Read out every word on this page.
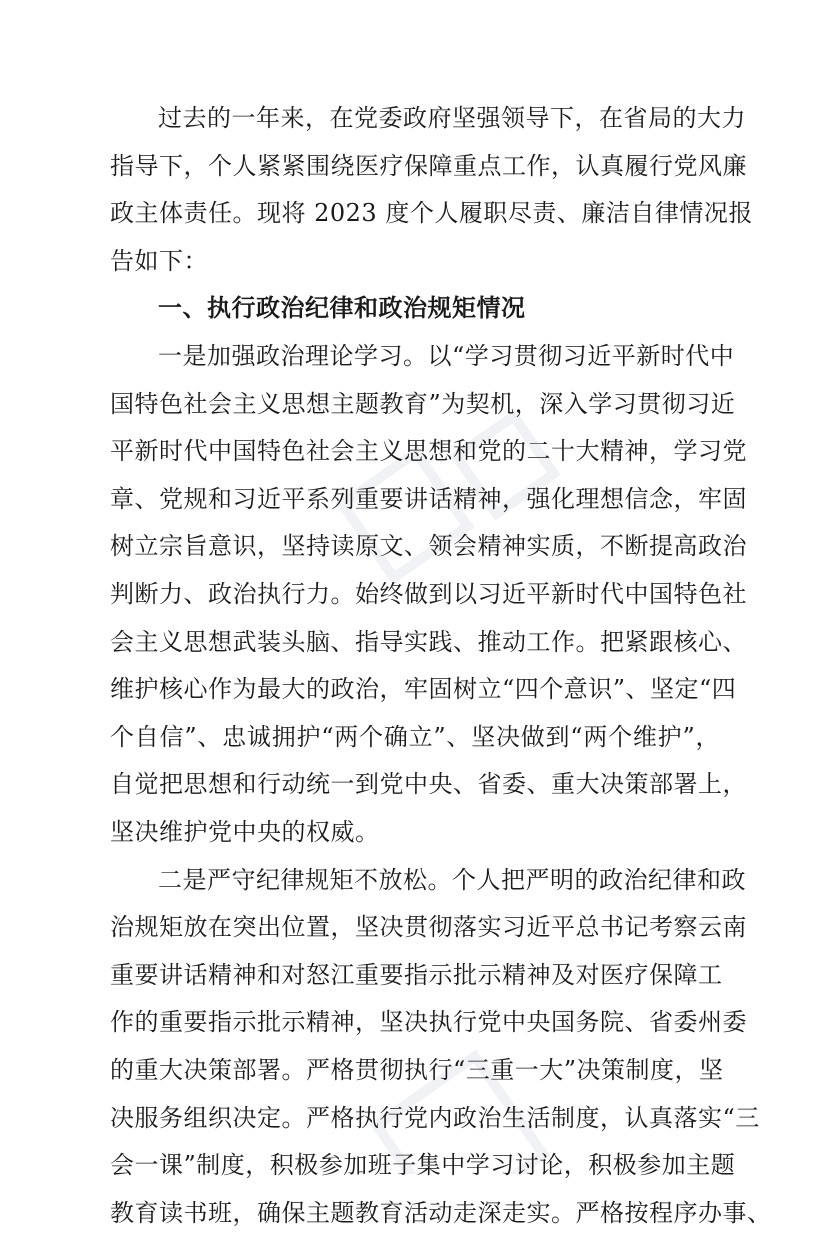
过去的一年来，在党委政府坚强领导下，在省局的大力
指导下，个人紧紧围绕医疗保障重点工作，认真履行党风廉
政主体责任。现将 2023 度个人履职尽责、廉洁自律情况报
告如下：
一、执行政治纪律和政治规矩情况
一是加强政治理论学习。以“学习贯彻习近平新时代中
国特色社会主义思想主题教育”为契机，深入学习贯彻习近
平新时代中国特色社会主义思想和党的二十大精神，学习党
章、党规和习近平系列重要讲话精神，强化理想信念，牢固
树立宗旨意识，坚持读原文、领会精神实质，不断提高政治
判断力、政治执行力。始终做到以习近平新时代中国特色社
会主义思想武装头脑、指导实践、推动工作。把紧跟核心、
维护核心作为最大的政治，牢固树立“四个意识”、坚定“四
个自信”、忠诚拥护“两个确立”、坚决做到“两个维护”，
自觉把思想和行动统一到党中央、省委、重大决策部署上，
坚决维护党中央的权威。
二是严守纪律规矩不放松。个人把严明的政治纪律和政
治规矩放在突出位置，坚决贯彻落实习近平总书记考察云南
重要讲话精神和对怒江重要指示批示精神及对医疗保障工
作的重要指示批示精神，坚决执行党中央国务院、省委州委
的重大决策部署。严格贯彻执行“三重一大”决策制度，坚
决服务组织决定。严格执行党内政治生活制度，认真落实“三
会一课”制度，积极参加班子集中学习讨论，积极参加主题
教育读书班，确保主题教育活动走深走实。严格按程序办事、
